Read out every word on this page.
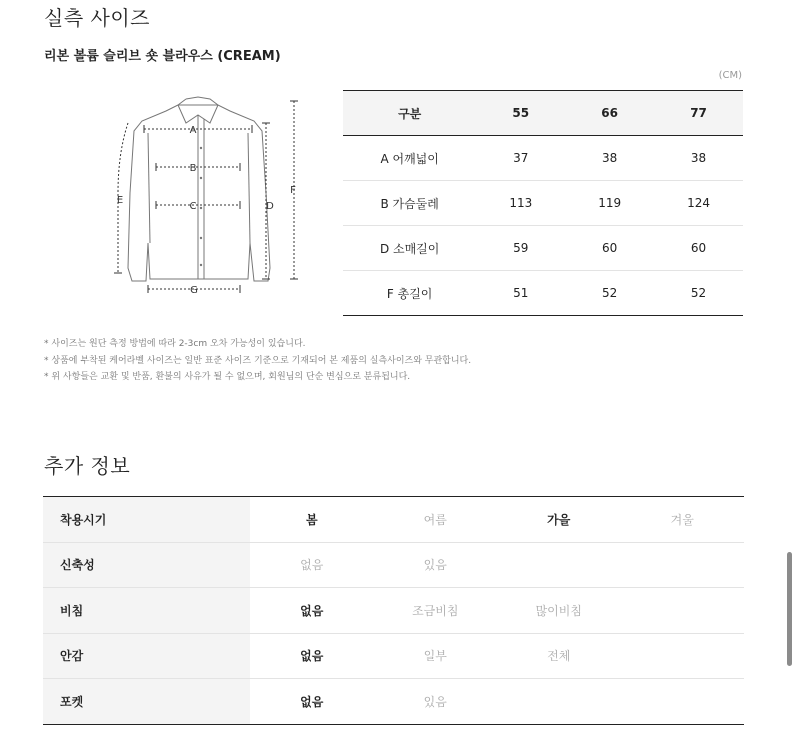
실측 사이즈
리본 볼륨 슬리브 숏 블라우스 (CREAM)
A
B
C	D
E
F
G
(CM)
구분	55	66	77
A 어깨넓이	37	38	38
B 가슴둘레	113	119	124
D 소매길이	59	60	60
F 총길이	51	52	52
* 사이즈는 원단 측정 방법에 따라 2-3cm 오차 가능성이 있습니다.
* 상품에 부착된 케어라벨 사이즈는 일반 표준 사이즈 기준으로 기재되어 본 제품의 실측사이즈와 무관합니다.
* 위 사항들은 교환 및 반품, 환불의 사유가 될 수 없으며, 회원님의 단순 변심으로 분류됩니다.
추가 정보
착용시기	봄	여름	가을	겨울
신축성	없음	있음		
비침	없음	조금비침	많이비침	
안감	없음	일부	전체	
포켓	없음	있음		
